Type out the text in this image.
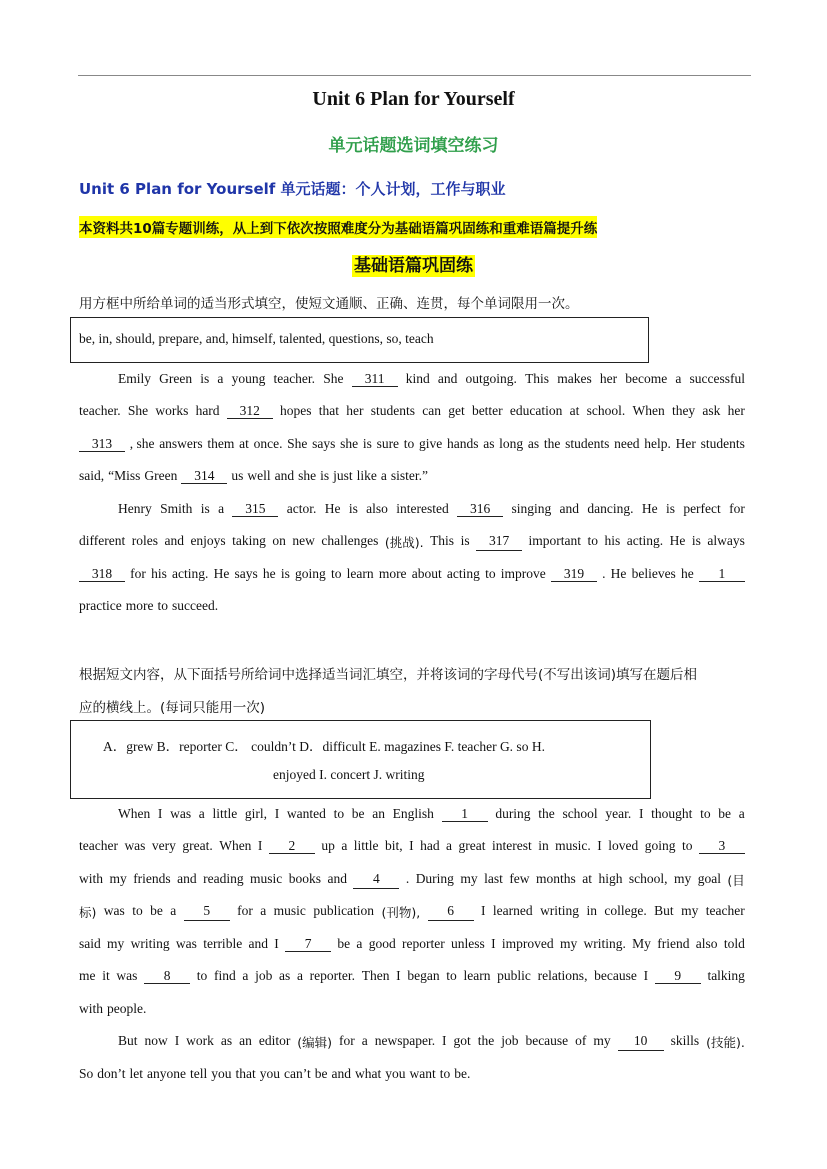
Unit 6 Plan for Yourself
单元话题选词填空练习
Unit 6 Plan for Yourself 单元话题：个人计划，工作与职业
本资料共10篇专题训练，从上到下依次按照难度分为基础语篇巩固练和重难语篇提升练
基础语篇巩固练
用方框中所给单词的适当形式填空，使短文通顺、正确、连贯，每个单词限用一次。
be, in, should, prepare, and, himself, talented, questions, so, teach
Emily Green is a young teacher. She	311	kind and outgoing. This makes her become a successful
teacher. She works hard	312	hopes that her students can get better education at school. When they ask her
313	, she answers them at once. She says she is sure to give hands as long as the students need help. Her students
said, “Miss Green	314	us well and she is just like a sister.”
Henry Smith is a	315	actor. He is also interested	316	singing and dancing. He is perfect for
different roles and enjoys taking on new challenges (挑战). This is	317	important to his acting. He is always
318	for his acting. He says he is going to learn more about acting to improve	319	. He believes he	1
practice more to succeed.
根据短文内容，从下面括号所给词中选择适当词汇填空，并将该词的字母代号(不写出该词)填写在题后相
应的横线上。(每词只能用一次)
A．grew B．reporter C． couldn’t D．difficult E. magazines F. teacher G. so H.
enjoyed I. concert J. writing
When I was a little girl, I wanted to be an English	1	during the school year. I thought to be a
teacher was very great. When I	2	up a little bit, I had a great interest in music. I loved going to	3
with my friends and reading music books and	4	. During my last few months at high school, my goal (目
标) was to be a	5	for a music publication (刊物),	6	I learned writing in college. But my teacher
said my writing was terrible and I	7	be a good reporter unless I improved my writing. My friend also told
me it was	8	to find a job as a reporter. Then I began to learn public relations, because I	9	talking
with people.
But now I work as an editor (编辑) for a newspaper. I got the job because of my	10	skills (技能).
So don’t let anyone tell you that you can’t be and what you want to be.
